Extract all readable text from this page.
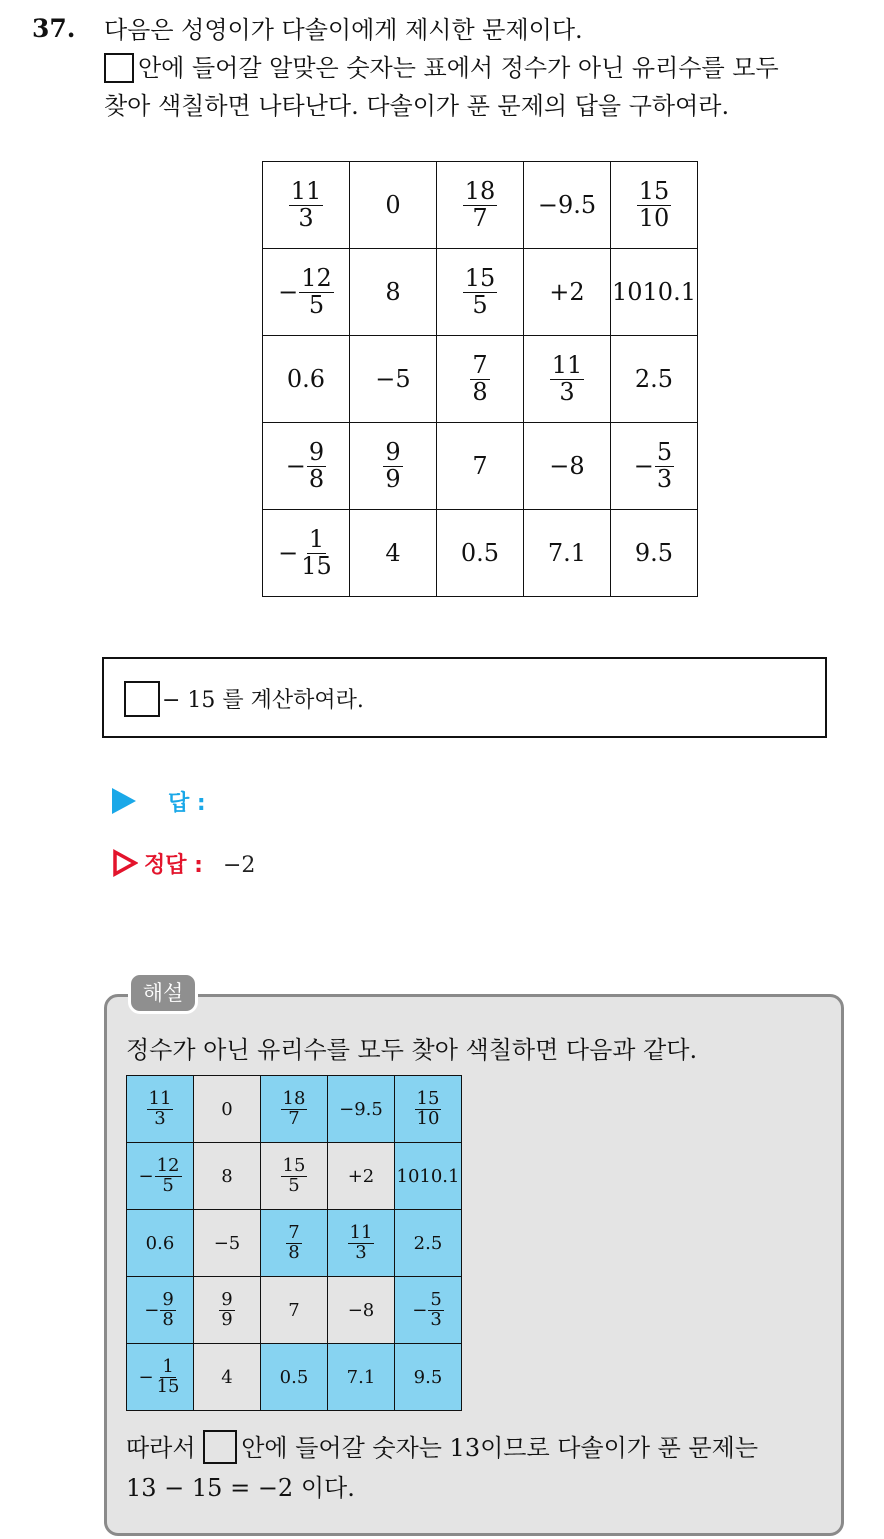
37. 다음은 성영이가 다솔이에게 제시한 문제이다.
안에 들어갈 알맞은 숫자는 표에서 정수가 아닌 유리수를 모두
찾아 색칠하면 나타난다. 다솔이가 푼 문제의 답을 구하여라.
$\frac{11}{3}$	0	$\frac{18}{7}$	−9.5	$\frac{15}{10}$

− $\frac{12}{5}$	8	$\frac{15}{5}$	+2	1010.1
0.6	−5	$\frac{7}{8}$	$\frac{11}{3}$	2.5
− $\frac{9}{8}$	$\frac{9}{9}$	7	−8	− $\frac{5}{3}$

− $\frac{1}{15}$	4	0.5	7.1	9.5
− 15 를 계산하여라.
답 :
정답 : −2
해설
정수가 아닌 유리수를 모두 찾아 색칠하면 다음과 같다.
$\frac{11}{3}$	0	$\frac{18}{7}$	−9.5	$\frac{15}{10}$

− $\frac{12}{5}$	8	$\frac{15}{5}$	+2	1010.1
0.6	−5	$\frac{7}{8}$	$\frac{11}{3}$	2.5
− $\frac{9}{8}$	$\frac{9}{9}$	7	−8	− $\frac{5}{3}$

− $\frac{1}{15}$	4	0.5	7.1	9.5
따라서 안에 들어갈 숫자는 13이므로 다솔이가 푼 문제는
13 − 15 = −2 이다.
